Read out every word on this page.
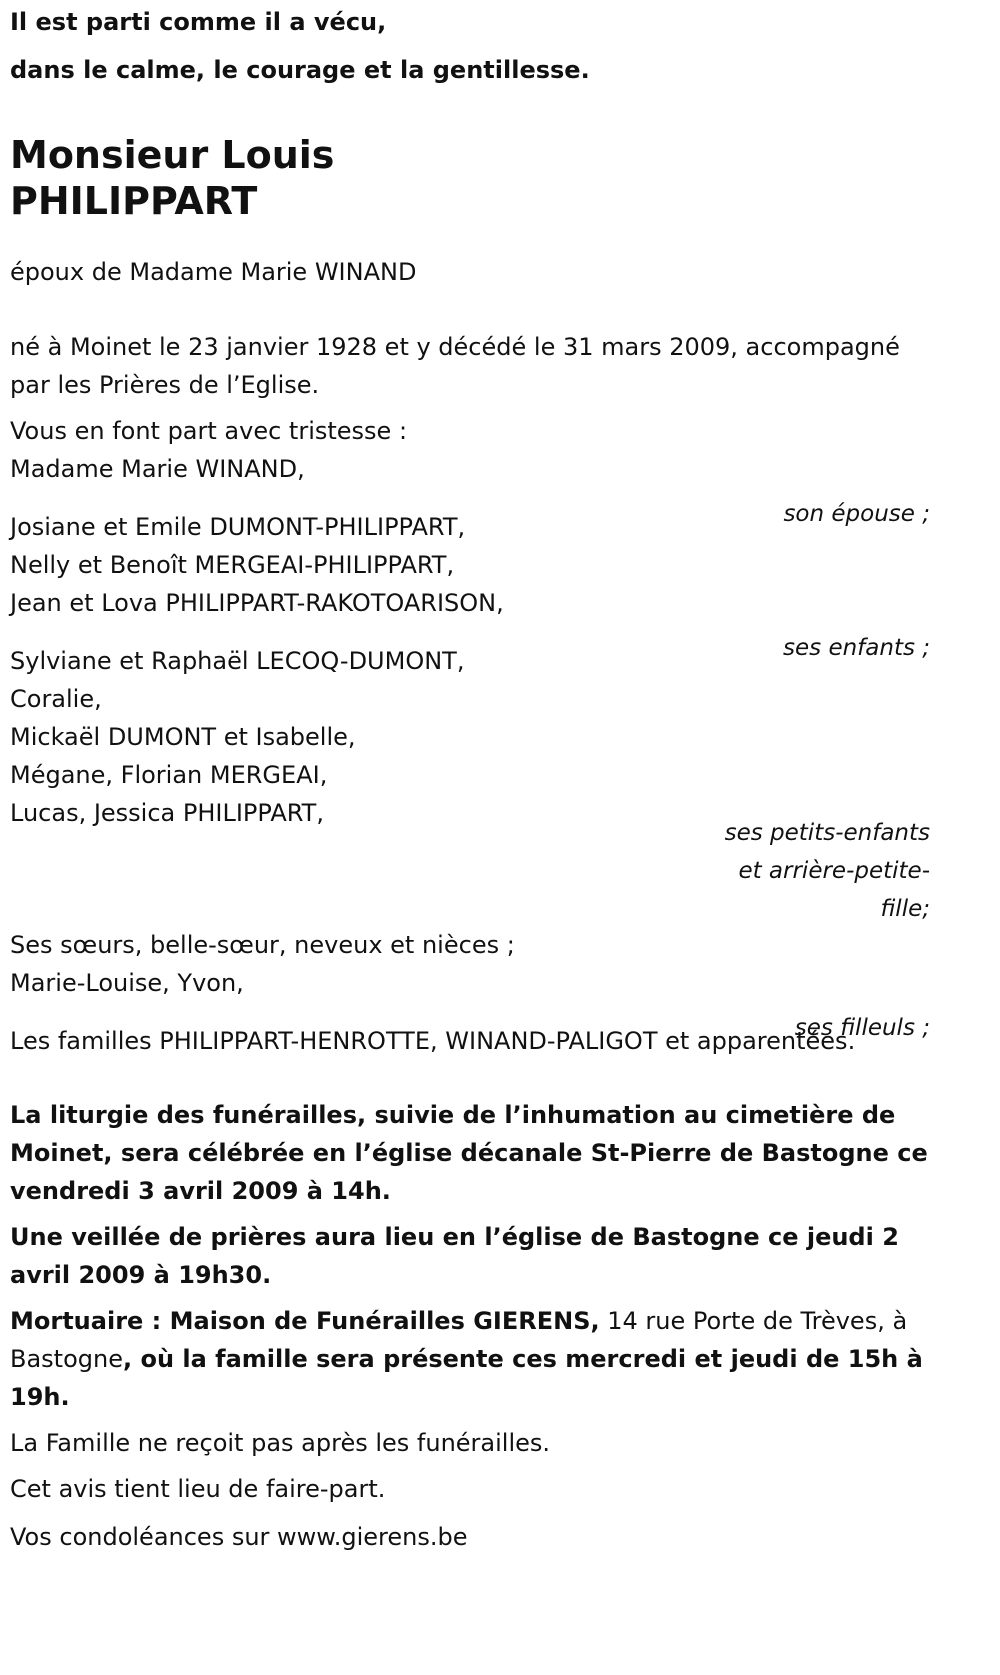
Il est parti comme il a vécu,

dans le calme, le courage et la gentillesse.

Monsieur Louis
PHILIPPART

époux de Madame Marie WINAND

né à Moinet le 23 janvier 1928 et y décédé le 31 mars 2009, accompagné par les Prières de l’Eglise.

Vous en font part avec tristesse :

Madame Marie WINAND,

son épouse ;

Josiane et Emile DUMONT-PHILIPPART,

Nelly et Benoît MERGEAI-PHILIPPART,

Jean et Lova PHILIPPART-RAKOTOARISON,

ses enfants ;

Sylviane et Raphaël LECOQ-DUMONT,

Coralie,

Mickaël DUMONT et Isabelle,

Mégane, Florian MERGEAI,

Lucas, Jessica PHILIPPART,

ses petits-enfants
et arrière-petite-
fille;

Ses sœurs, belle-sœur, neveux et nièces ;

Marie-Louise, Yvon,

ses filleuls ;

Les familles PHILIPPART-HENROTTE, WINAND-PALIGOT et apparentées.

La liturgie des funérailles, suivie de l’inhumation au cimetière de Moinet, sera célébrée en l’église décanale St-Pierre de Bastogne ce vendredi 3 avril 2009 à 14h.

Une veillée de prières aura lieu en l’église de Bastogne ce jeudi 2 avril 2009 à 19h30.

Mortuaire : Maison de Funérailles GIERENS, 14 rue Porte de Trèves, à Bastogne, où la famille sera présente ces mercredi et jeudi de 15h à 19h.

La Famille ne reçoit pas après les funérailles.

Cet avis tient lieu de faire-part.

Vos condoléances sur www.gierens.be
